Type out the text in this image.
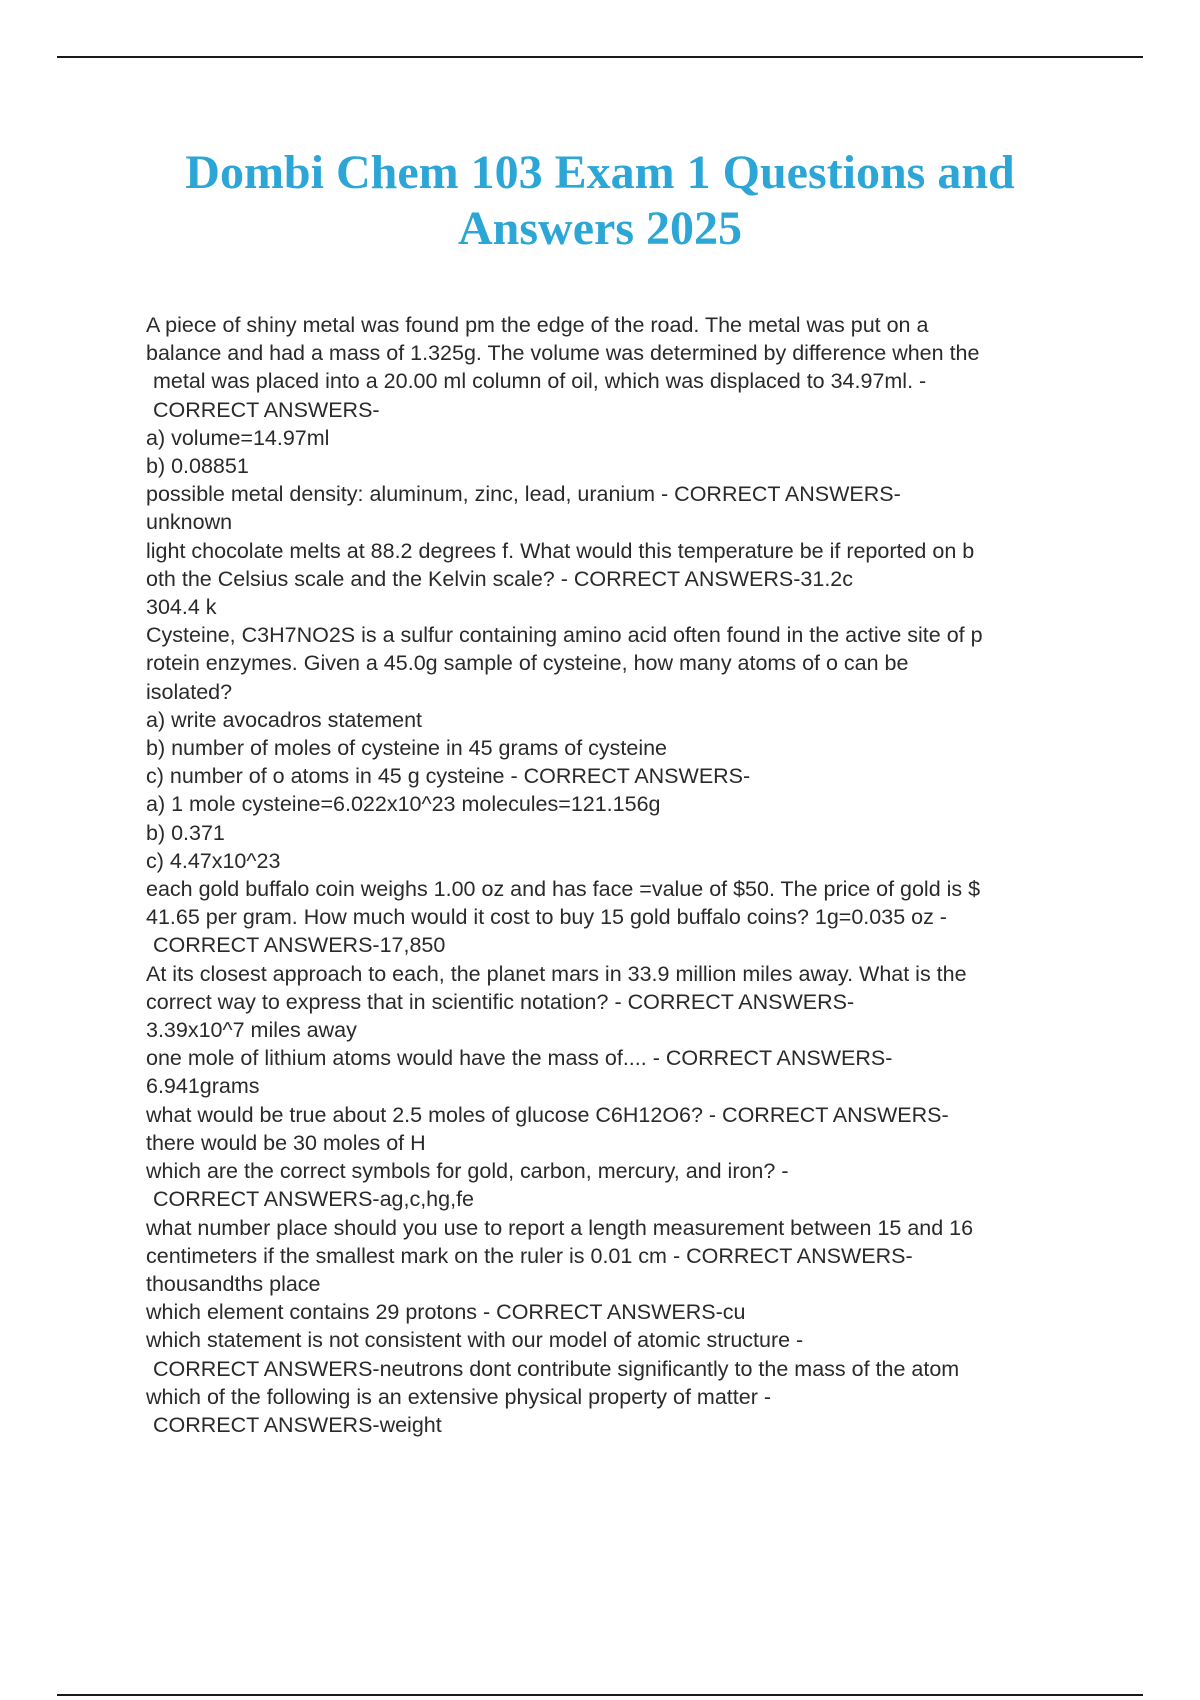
Dombi Chem 103 Exam 1 Questions and
Answers 2025
A piece of shiny metal was found pm the edge of the road. The metal was put on a
balance and had a mass of 1.325g. The volume was determined by difference when the
metal was placed into a 20.00 ml column of oil, which was displaced to 34.97ml. -
CORRECT ANSWERS-
a) volume=14.97ml
b) 0.08851
possible metal density: aluminum, zinc, lead, uranium - CORRECT ANSWERS-
unknown
light chocolate melts at 88.2 degrees f. What would this temperature be if reported on b
oth the Celsius scale and the Kelvin scale? - CORRECT ANSWERS-31.2c
304.4 k
Cysteine, C3H7NO2S is a sulfur containing amino acid often found in the active site of p
rotein enzymes. Given a 45.0g sample of cysteine, how many atoms of o can be
isolated?
a) write avocadros statement
b) number of moles of cysteine in 45 grams of cysteine
c) number of o atoms in 45 g cysteine - CORRECT ANSWERS-
a) 1 mole cysteine=6.022x10^23 molecules=121.156g
b) 0.371
c) 4.47x10^23
each gold buffalo coin weighs 1.00 oz and has face =value of $50. The price of gold is $
41.65 per gram. How much would it cost to buy 15 gold buffalo coins? 1g=0.035 oz -
CORRECT ANSWERS-17,850
At its closest approach to each, the planet mars in 33.9 million miles away. What is the
correct way to express that in scientific notation? - CORRECT ANSWERS-
3.39x10^7 miles away
one mole of lithium atoms would have the mass of.... - CORRECT ANSWERS-
6.941grams
what would be true about 2.5 moles of glucose C6H12O6? - CORRECT ANSWERS-
there would be 30 moles of H
which are the correct symbols for gold, carbon, mercury, and iron? -
CORRECT ANSWERS-ag,c,hg,fe
what number place should you use to report a length measurement between 15 and 16
centimeters if the smallest mark on the ruler is 0.01 cm - CORRECT ANSWERS-
thousandths place
which element contains 29 protons - CORRECT ANSWERS-cu
which statement is not consistent with our model of atomic structure -
CORRECT ANSWERS-neutrons dont contribute significantly to the mass of the atom
which of the following is an extensive physical property of matter -
CORRECT ANSWERS-weight
